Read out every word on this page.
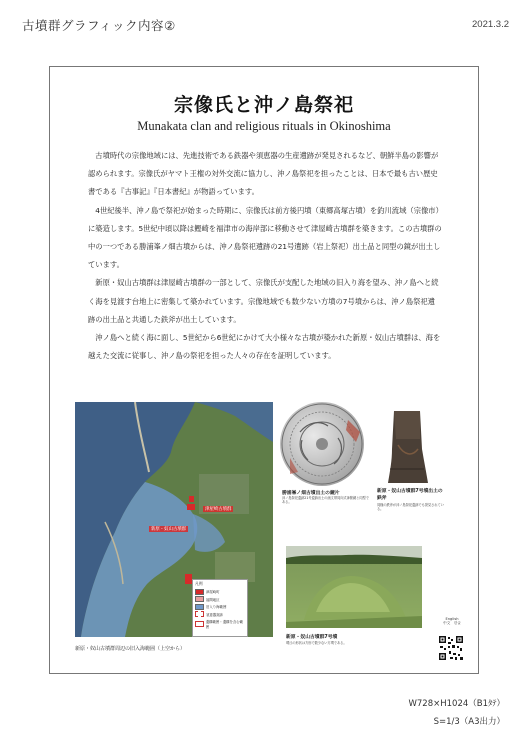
古墳群グラフィック内容②	2021.3.2
宗像氏と沖ノ島祭祀
Munakata clan and religious rituals in Okinoshima

古墳時代の宗像地域には、先進技術である鉄器や須恵器の生産遺跡が発見されるなど、朝鮮半島の影響が認められます。宗像氏がヤマト王権の対外交流に協力し、沖ノ島祭祀を担ったことは、日本で最も古い歴史書である『古事記』『日本書紀』が物語っています。

4世紀後半、沖ノ島で祭祀が始まった時期に、宗像氏は前方後円墳（東郷高塚古墳）を釣川流域（宗像市）に築造します。5世紀中頃以降は鰹崎を福津市の海岸部に移動させて津屋崎古墳群を築きます。この古墳群の中の一つである勝浦峯ノ畑古墳からは、沖ノ島祭祀遺跡の21号遺跡（岩上祭祀）出土品と同型の鏡が出土しています。

新原・奴山古墳群は津屋崎古墳群の一部として、宗像氏が支配した地域の旧入り海を望み、沖ノ島へと続く海を見渡す台地上に密集して築かれています。宗像地域でも数少ない方墳の7号墳からは、沖ノ島祭祀遺跡の出土品と共通した鉄斧が出土しています。

沖ノ島へと続く海に面し、5世紀から6世紀にかけて大小様々な古墳が築かれた新原・奴山古墳群は、海を越えた交流に従事し、沖ノ島の祭祀を担った人々の存在を証明しています。

新原・奴山古墳群
津屋崎古墳群
凡例
津屋崎町
福間地区
旧入り海範囲
須恵器窯跡
遺構範囲・遺構を含む範囲
新原・奴山古墳群周辺の旧入海範囲（上空から）
勝浦峯ノ畑古墳出土の鏡片
沖ノ島祭祀遺跡21号遺跡出土の画文帯同向式神獣鏡と同型である。
新原・奴山古墳群7号墳出土の鉄斧
同様の鉄斧が沖ノ島祭祀遺跡でも発見されている。
新原・奴山古墳群7号墳
墳丘の形状は方形で数少ない方墳である。
English
中文　한글
W728×H1024（B1ﾀﾃ）
S=1/3（A3出力）
